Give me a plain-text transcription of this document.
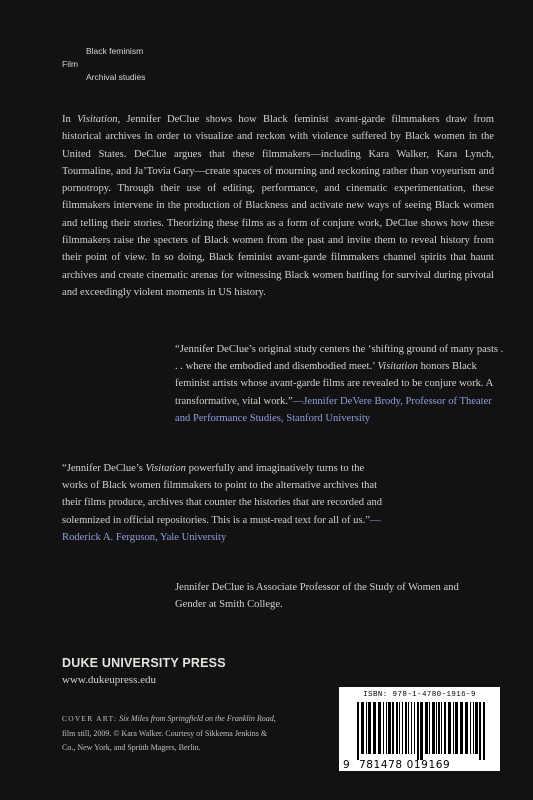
Black feminism
Film
Archival studies
In Visitation, Jennifer DeClue shows how Black feminist avant-garde filmmakers draw from historical archives in order to visualize and reckon with violence suffered by Black women in the United States. DeClue argues that these filmmakers—including Kara Walker, Kara Lynch, Tourmaline, and Ja’Tovia Gary—create spaces of mourning and reckoning rather than voyeurism and pornotropy. Through their use of editing, performance, and cinematic experimentation, these filmmakers intervene in the production of Blackness and activate new ways of seeing Black women and telling their stories. Theorizing these films as a form of conjure work, DeClue shows how these filmmakers raise the specters of Black women from the past and invite them to reveal history from their point of view. In so doing, Black feminist avant-garde filmmakers channel spirits that haunt archives and create cinematic arenas for witnessing Black women battling for survival during pivotal and exceedingly violent moments in US history.
“Jennifer DeClue’s original study centers the ‘shifting ground of many pasts . . . where the embodied and disembodied meet.’ Visitation honors Black feminist artists whose avant-garde films are revealed to be conjure work. A transformative, vital work.”—Jennifer DeVere Brody, Professor of Theater and Performance Studies, Stanford University
“Jennifer DeClue’s Visitation powerfully and imaginatively turns to the works of Black women filmmakers to point to the alternative archives that their films produce, archives that counter the histories that are recorded and solemnized in official repositories. This is a must-read text for all of us.”—Roderick A. Ferguson, Yale University
Jennifer DeClue is Associate Professor of the Study of Women and Gender at Smith College.
DUKE UNIVERSITY PRESS
www.dukeupress.edu
COVER ART: Six Miles from Springfield on the Franklin Road, film still, 2009. © Kara Walker. Courtesy of Sikkema Jenkins & Co., New York, and Sprüth Magers, Berlin.
ISBN: 978-1-4780-1916-9
9 781478 019169
